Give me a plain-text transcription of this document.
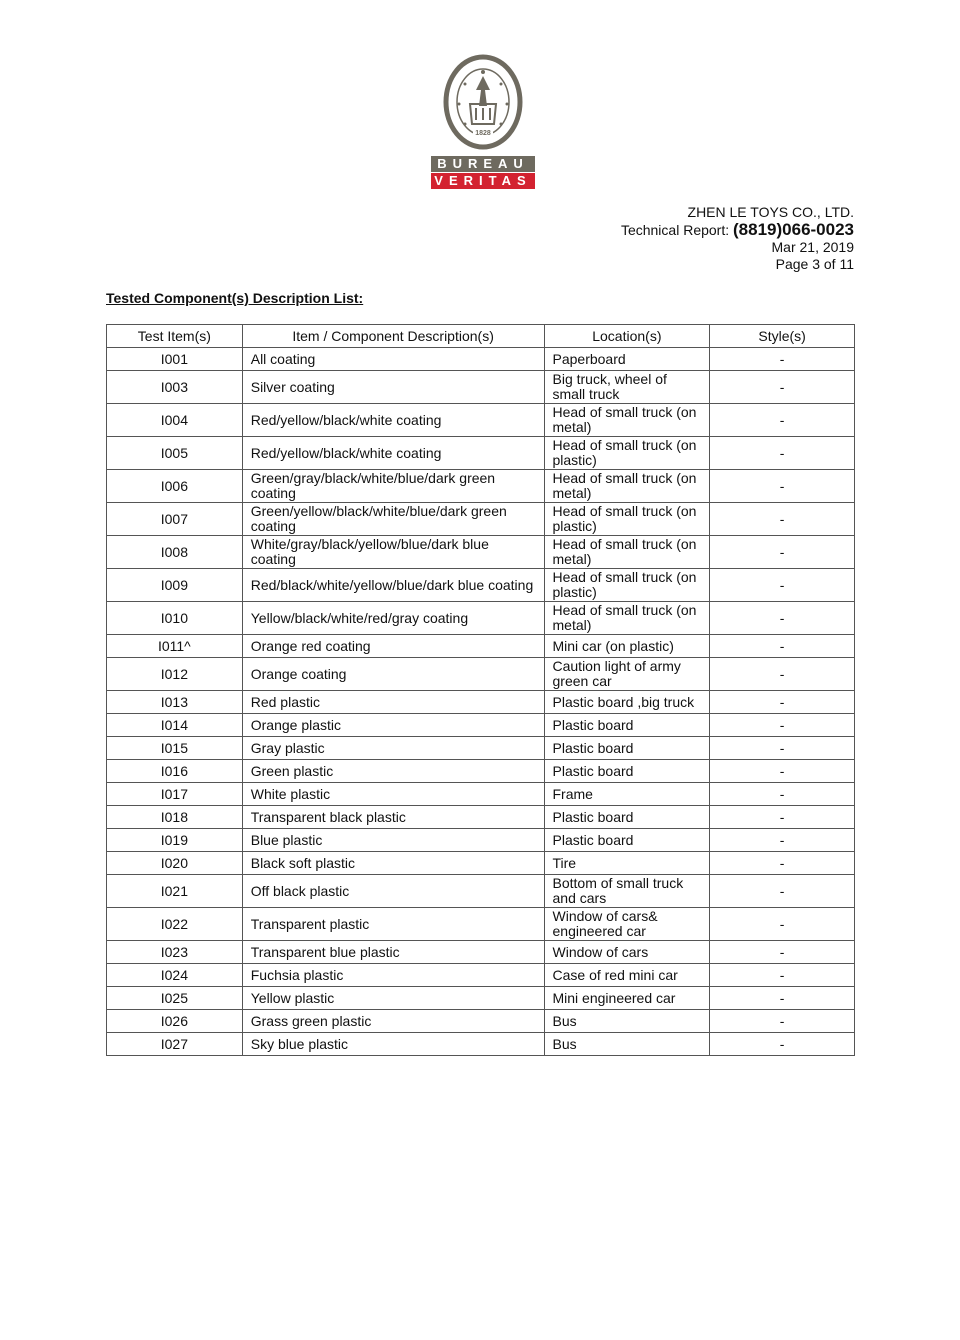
1828
BUREAU
VERITAS
ZHEN LE TOYS CO., LTD.
Technical Report: (8819)066-0023
Mar 21, 2019
Page 3 of 11
Tested Component(s) Description List:
Test Item(s)	Item / Component Description(s)	Location(s)	Style(s)
I001	All coating	Paperboard	-
I003	Silver coating	Big truck, wheel of small truck	-
I004	Red/yellow/black/white coating	Head of small truck (on metal)	-
I005	Red/yellow/black/white coating	Head of small truck (on plastic)	-
I006	Green/gray/black/white/blue/dark green coating	Head of small truck (on metal)	-
I007	Green/yellow/black/white/blue/dark green coating	Head of small truck (on plastic)	-
I008	White/gray/black/yellow/blue/dark blue coating	Head of small truck (on metal)	-
I009	Red/black/white/yellow/blue/dark blue coating	Head of small truck (on plastic)	-
I010	Yellow/black/white/red/gray coating	Head of small truck (on metal)	-
I011^	Orange red coating	Mini car (on plastic)	-
I012	Orange coating	Caution light of army green car	-
I013	Red plastic	Plastic board ,big truck	-
I014	Orange plastic	Plastic board	-
I015	Gray plastic	Plastic board	-
I016	Green plastic	Plastic board	-
I017	White plastic	Frame	-
I018	Transparent black plastic	Plastic board	-
I019	Blue plastic	Plastic board	-
I020	Black soft plastic	Tire	-
I021	Off black plastic	Bottom of small truck and cars	-
I022	Transparent plastic	Window of cars& engineered car	-
I023	Transparent blue plastic	Window of cars	-
I024	Fuchsia plastic	Case of red mini car	-
I025	Yellow plastic	Mini engineered car	-
I026	Grass green plastic	Bus	-
I027	Sky blue plastic	Bus	-
